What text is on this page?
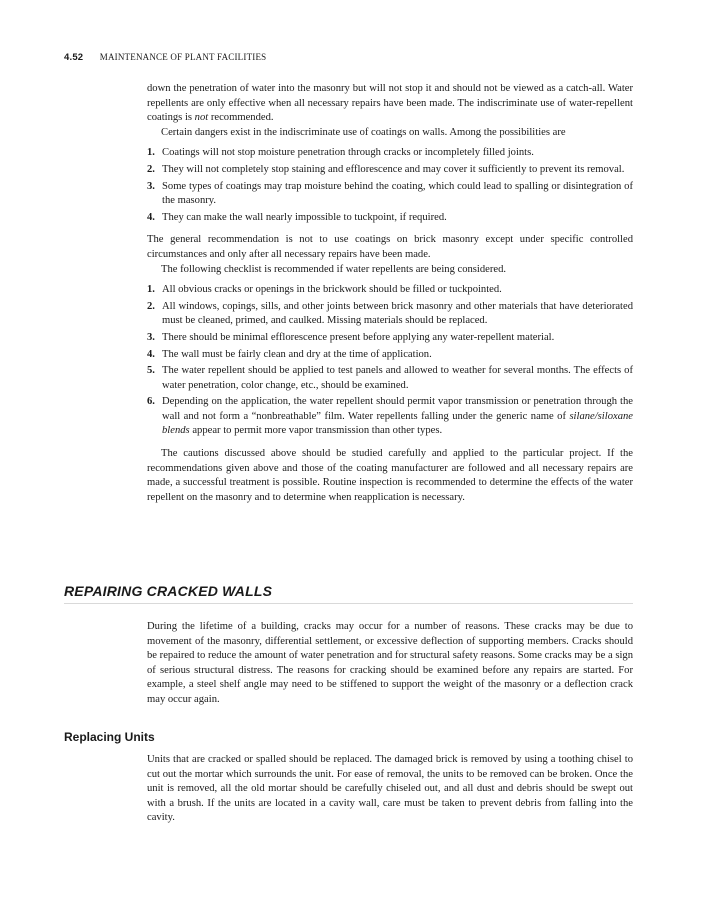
4.52 MAINTENANCE OF PLANT FACILITIES

down the penetration of water into the masonry but will not stop it and should not be viewed as a catch-all. Water repellents are only effective when all necessary repairs have been made. The indiscriminate use of water-repellent coatings is not recommended.

Certain dangers exist in the indiscriminate use of coatings on walls. Among the possibilities are

1. Coatings will not stop moisture penetration through cracks or incompletely filled joints.
2. They will not completely stop staining and efflorescence and may cover it sufficiently to prevent its removal.
3. Some types of coatings may trap moisture behind the coating, which could lead to spalling or disintegration of the masonry.
4. They can make the wall nearly impossible to tuckpoint, if required.

The general recommendation is not to use coatings on brick masonry except under specific controlled circumstances and only after all necessary repairs have been made.

The following checklist is recommended if water repellents are being considered.

1. All obvious cracks or openings in the brickwork should be filled or tuckpointed.
2. All windows, copings, sills, and other joints between brick masonry and other materials that have deteriorated must be cleaned, primed, and caulked. Missing materials should be replaced.
3. There should be minimal efflorescence present before applying any water-repellent material.
4. The wall must be fairly clean and dry at the time of application.
5. The water repellent should be applied to test panels and allowed to weather for several months. The effects of water penetration, color change, etc., should be examined.
6. Depending on the application, the water repellent should permit vapor transmission or penetration through the wall and not form a “nonbreathable” film. Water repellents falling under the generic name of silane/siloxane blends appear to permit more vapor transmission than other types.

The cautions discussed above should be studied carefully and applied to the particular project. If the recommendations given above and those of the coating manufacturer are followed and all necessary repairs are made, a successful treatment is possible. Routine inspection is recommended to determine the effects of the water repellent on the masonry and to determine when reapplication is necessary.

REPAIRING CRACKED WALLS

During the lifetime of a building, cracks may occur for a number of reasons. These cracks may be due to movement of the masonry, differential settlement, or excessive deflection of supporting members. Cracks should be repaired to reduce the amount of water penetration and for structural safety reasons. Some cracks may be a sign of serious structural distress. The reasons for cracking should be examined before any repairs are started. For example, a steel shelf angle may need to be stiffened to support the weight of the masonry or a deflection crack may occur again.

Replacing Units

Units that are cracked or spalled should be replaced. The damaged brick is removed by using a toothing chisel to cut out the mortar which surrounds the unit. For ease of removal, the units to be removed can be broken. Once the unit is removed, all the old mortar should be carefully chiseled out, and all dust and debris should be swept out with a brush. If the units are located in a cavity wall, care must be taken to prevent debris from falling into the cavity.
